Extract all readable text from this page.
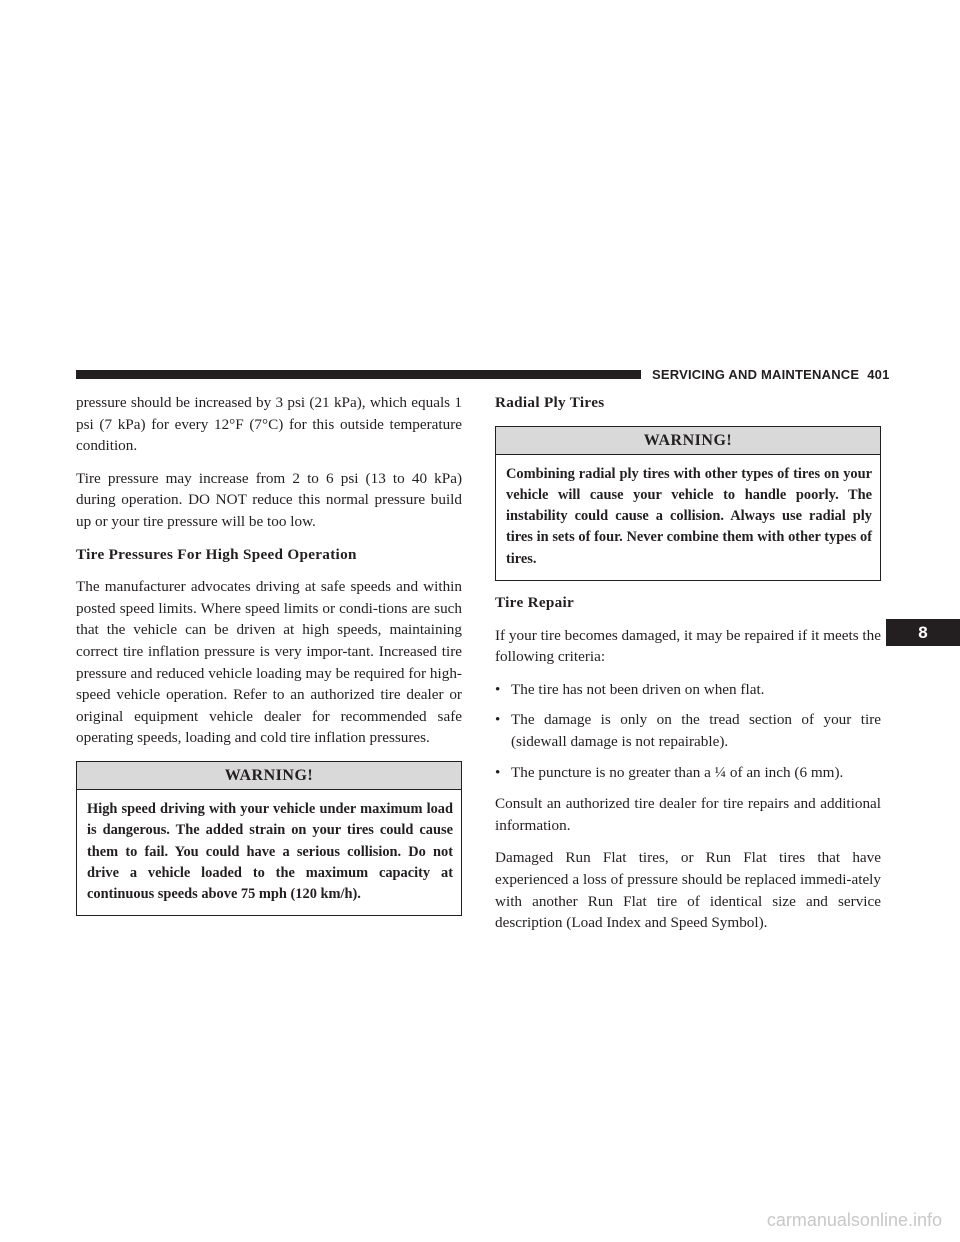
SERVICING AND MAINTENANCE 401

pressure should be increased by 3 psi (21 kPa), which equals 1 psi (7 kPa) for every 12°F (7°C) for this outside temperature condition.

Tire pressure may increase from 2 to 6 psi (13 to 40 kPa) during operation. DO NOT reduce this normal pressure build up or your tire pressure will be too low.

Tire Pressures For High Speed Operation

The manufacturer advocates driving at safe speeds and within posted speed limits. Where speed limits or condi-tions are such that the vehicle can be driven at high speeds, maintaining correct tire inflation pressure is very impor-tant. Increased tire pressure and reduced vehicle loading may be required for high-speed vehicle operation. Refer to an authorized tire dealer or original equipment vehicle dealer for recommended safe operating speeds, loading and cold tire inflation pressures.

WARNING!
High speed driving with your vehicle under maximum load is dangerous. The added strain on your tires could cause them to fail. You could have a serious collision. Do not drive a vehicle loaded to the maximum capacity at continuous speeds above 75 mph (120 km/h).
Radial Ply Tires
WARNING!
Combining radial ply tires with other types of tires on your vehicle will cause your vehicle to handle poorly. The instability could cause a collision. Always use radial ply tires in sets of four. Never combine them with other types of tires.
Tire Repair

If your tire becomes damaged, it may be repaired if it meets the following criteria:

• The tire has not been driven on when flat.
• The damage is only on the tread section of your tire (sidewall damage is not repairable).
• The puncture is no greater than a ¼ of an inch (6 mm).

Consult an authorized tire dealer for tire repairs and additional information.

Damaged Run Flat tires, or Run Flat tires that have experienced a loss of pressure should be replaced immedi-ately with another Run Flat tire of identical size and service description (Load Index and Speed Symbol).

8
carmanualsonline.info
